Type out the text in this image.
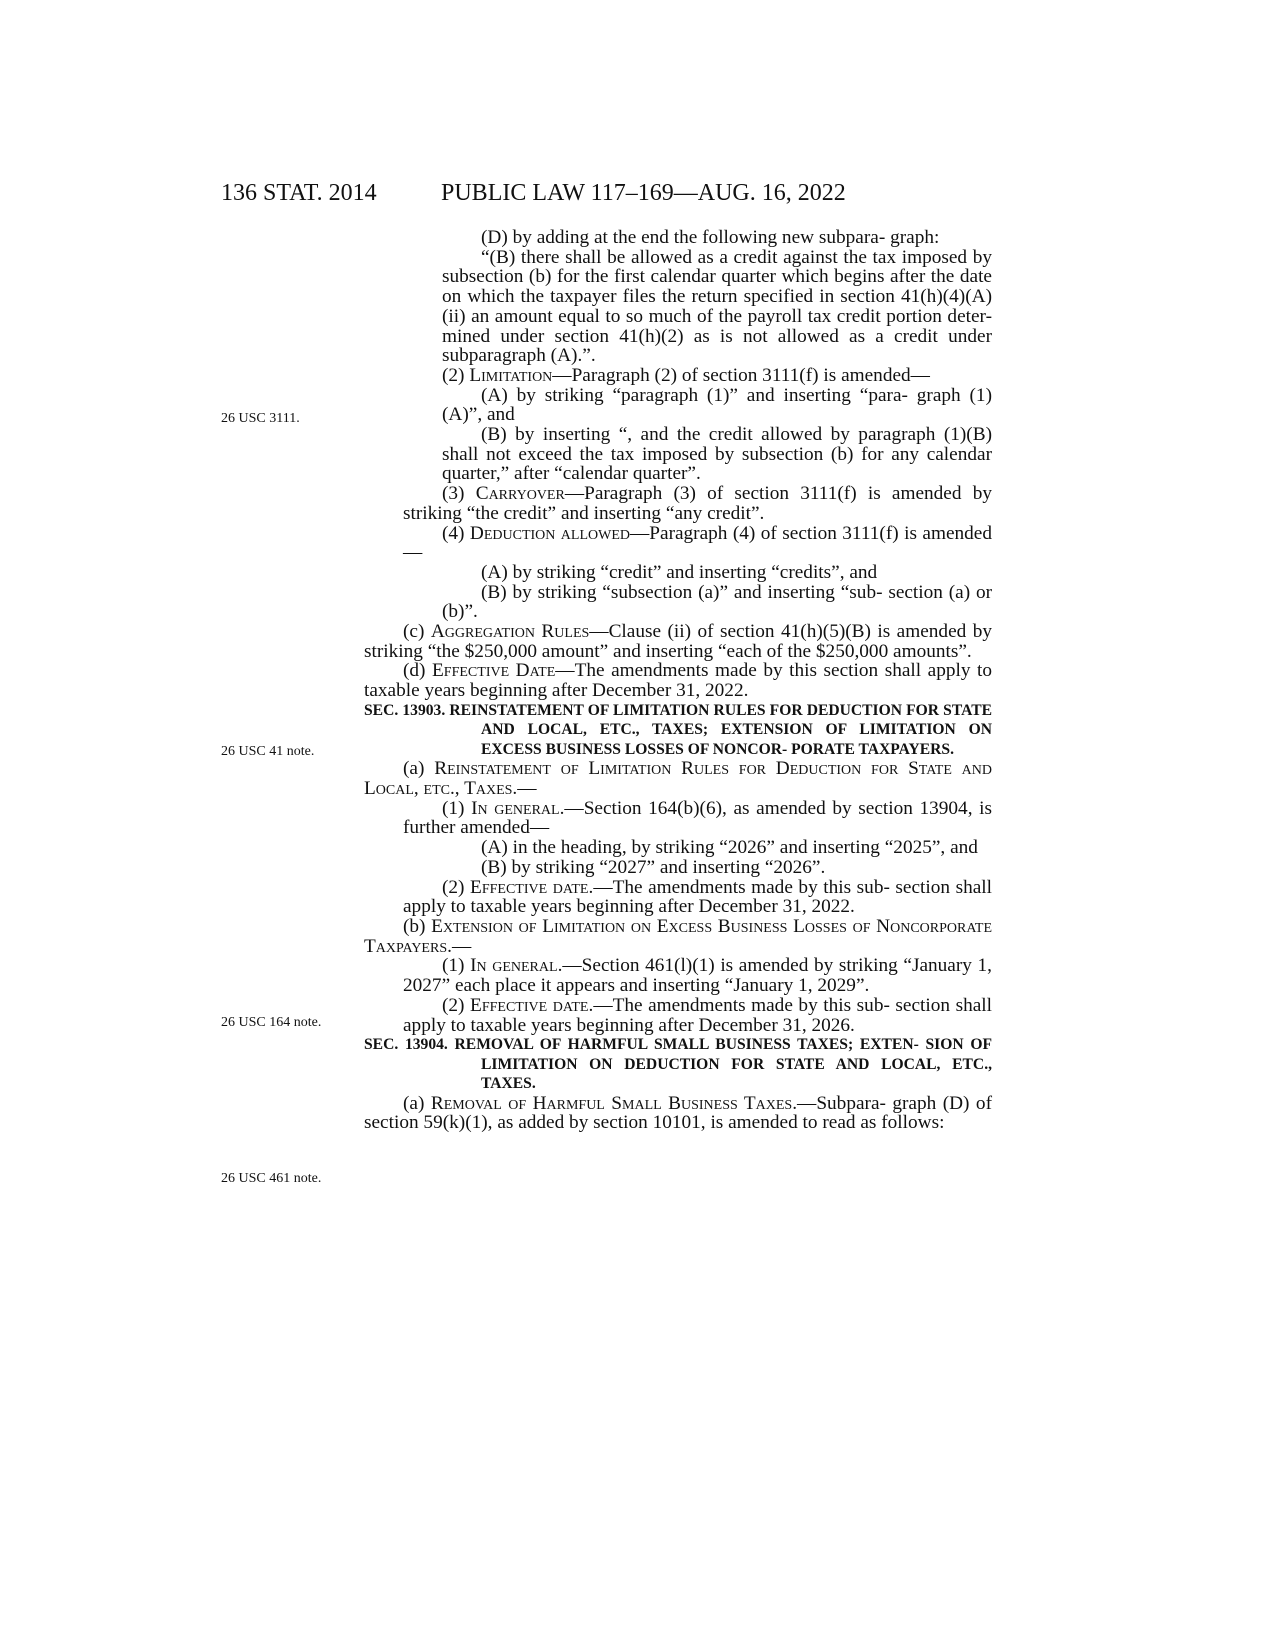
136 STAT. 2014	PUBLIC LAW 117–169—AUG. 16, 2022
26 USC 3111.
26 USC 41 note.
26 USC 164 note.
26 USC 461 note.

(D) by adding at the end the following new subpara- graph:

“(B) there shall be allowed as a credit against the tax imposed by subsection (b) for the first calendar quarter which begins after the date on which the taxpayer files the return specified in section 41(h)(4)(A)(ii) an amount equal to so much of the payroll tax credit portion deter- mined under section 41(h)(2) as is not allowed as a credit under subparagraph (A).”.

(2) Limitation—Paragraph (2) of section 3111(f) is amended—

(A) by striking “paragraph (1)” and inserting “para- graph (1)(A)”, and

(B) by inserting “, and the credit allowed by paragraph (1)(B) shall not exceed the tax imposed by subsection (b) for any calendar quarter,” after “calendar quarter”.

(3) Carryover—Paragraph (3) of section 3111(f) is amended by striking “the credit” and inserting “any credit”.

(4) Deduction allowed—Paragraph (4) of section 3111(f) is amended—

(A) by striking “credit” and inserting “credits”, and

(B) by striking “subsection (a)” and inserting “sub- section (a) or (b)”.

(c) Aggregation Rules—Clause (ii) of section 41(h)(5)(B) is amended by striking “the $250,000 amount” and inserting “each of the $250,000 amounts”.

(d) Effective Date—The amendments made by this section shall apply to taxable years beginning after December 31, 2022.

SEC. 13903. REINSTATEMENT OF LIMITATION RULES FOR DEDUCTION FOR STATE AND LOCAL, ETC., TAXES; EXTENSION OF LIMITATION ON EXCESS BUSINESS LOSSES OF NONCOR- PORATE TAXPAYERS.

(a) Reinstatement of Limitation Rules for Deduction for State and Local, etc., Taxes.—

(1) In general.—Section 164(b)(6), as amended by section 13904, is further amended—

(A) in the heading, by striking “2026” and inserting “2025”, and

(B) by striking “2027” and inserting “2026”.

(2) Effective date.—The amendments made by this sub- section shall apply to taxable years beginning after December 31, 2022.

(b) Extension of Limitation on Excess Business Losses of Noncorporate Taxpayers.—

(1) In general.—Section 461(l)(1) is amended by striking “January 1, 2027” each place it appears and inserting “January 1, 2029”.

(2) Effective date.—The amendments made by this sub- section shall apply to taxable years beginning after December 31, 2026.

SEC. 13904. REMOVAL OF HARMFUL SMALL BUSINESS TAXES; EXTEN- SION OF LIMITATION ON DEDUCTION FOR STATE AND LOCAL, ETC., TAXES.

(a) Removal of Harmful Small Business Taxes.—Subpara- graph (D) of section 59(k)(1), as added by section 10101, is amended to read as follows:
